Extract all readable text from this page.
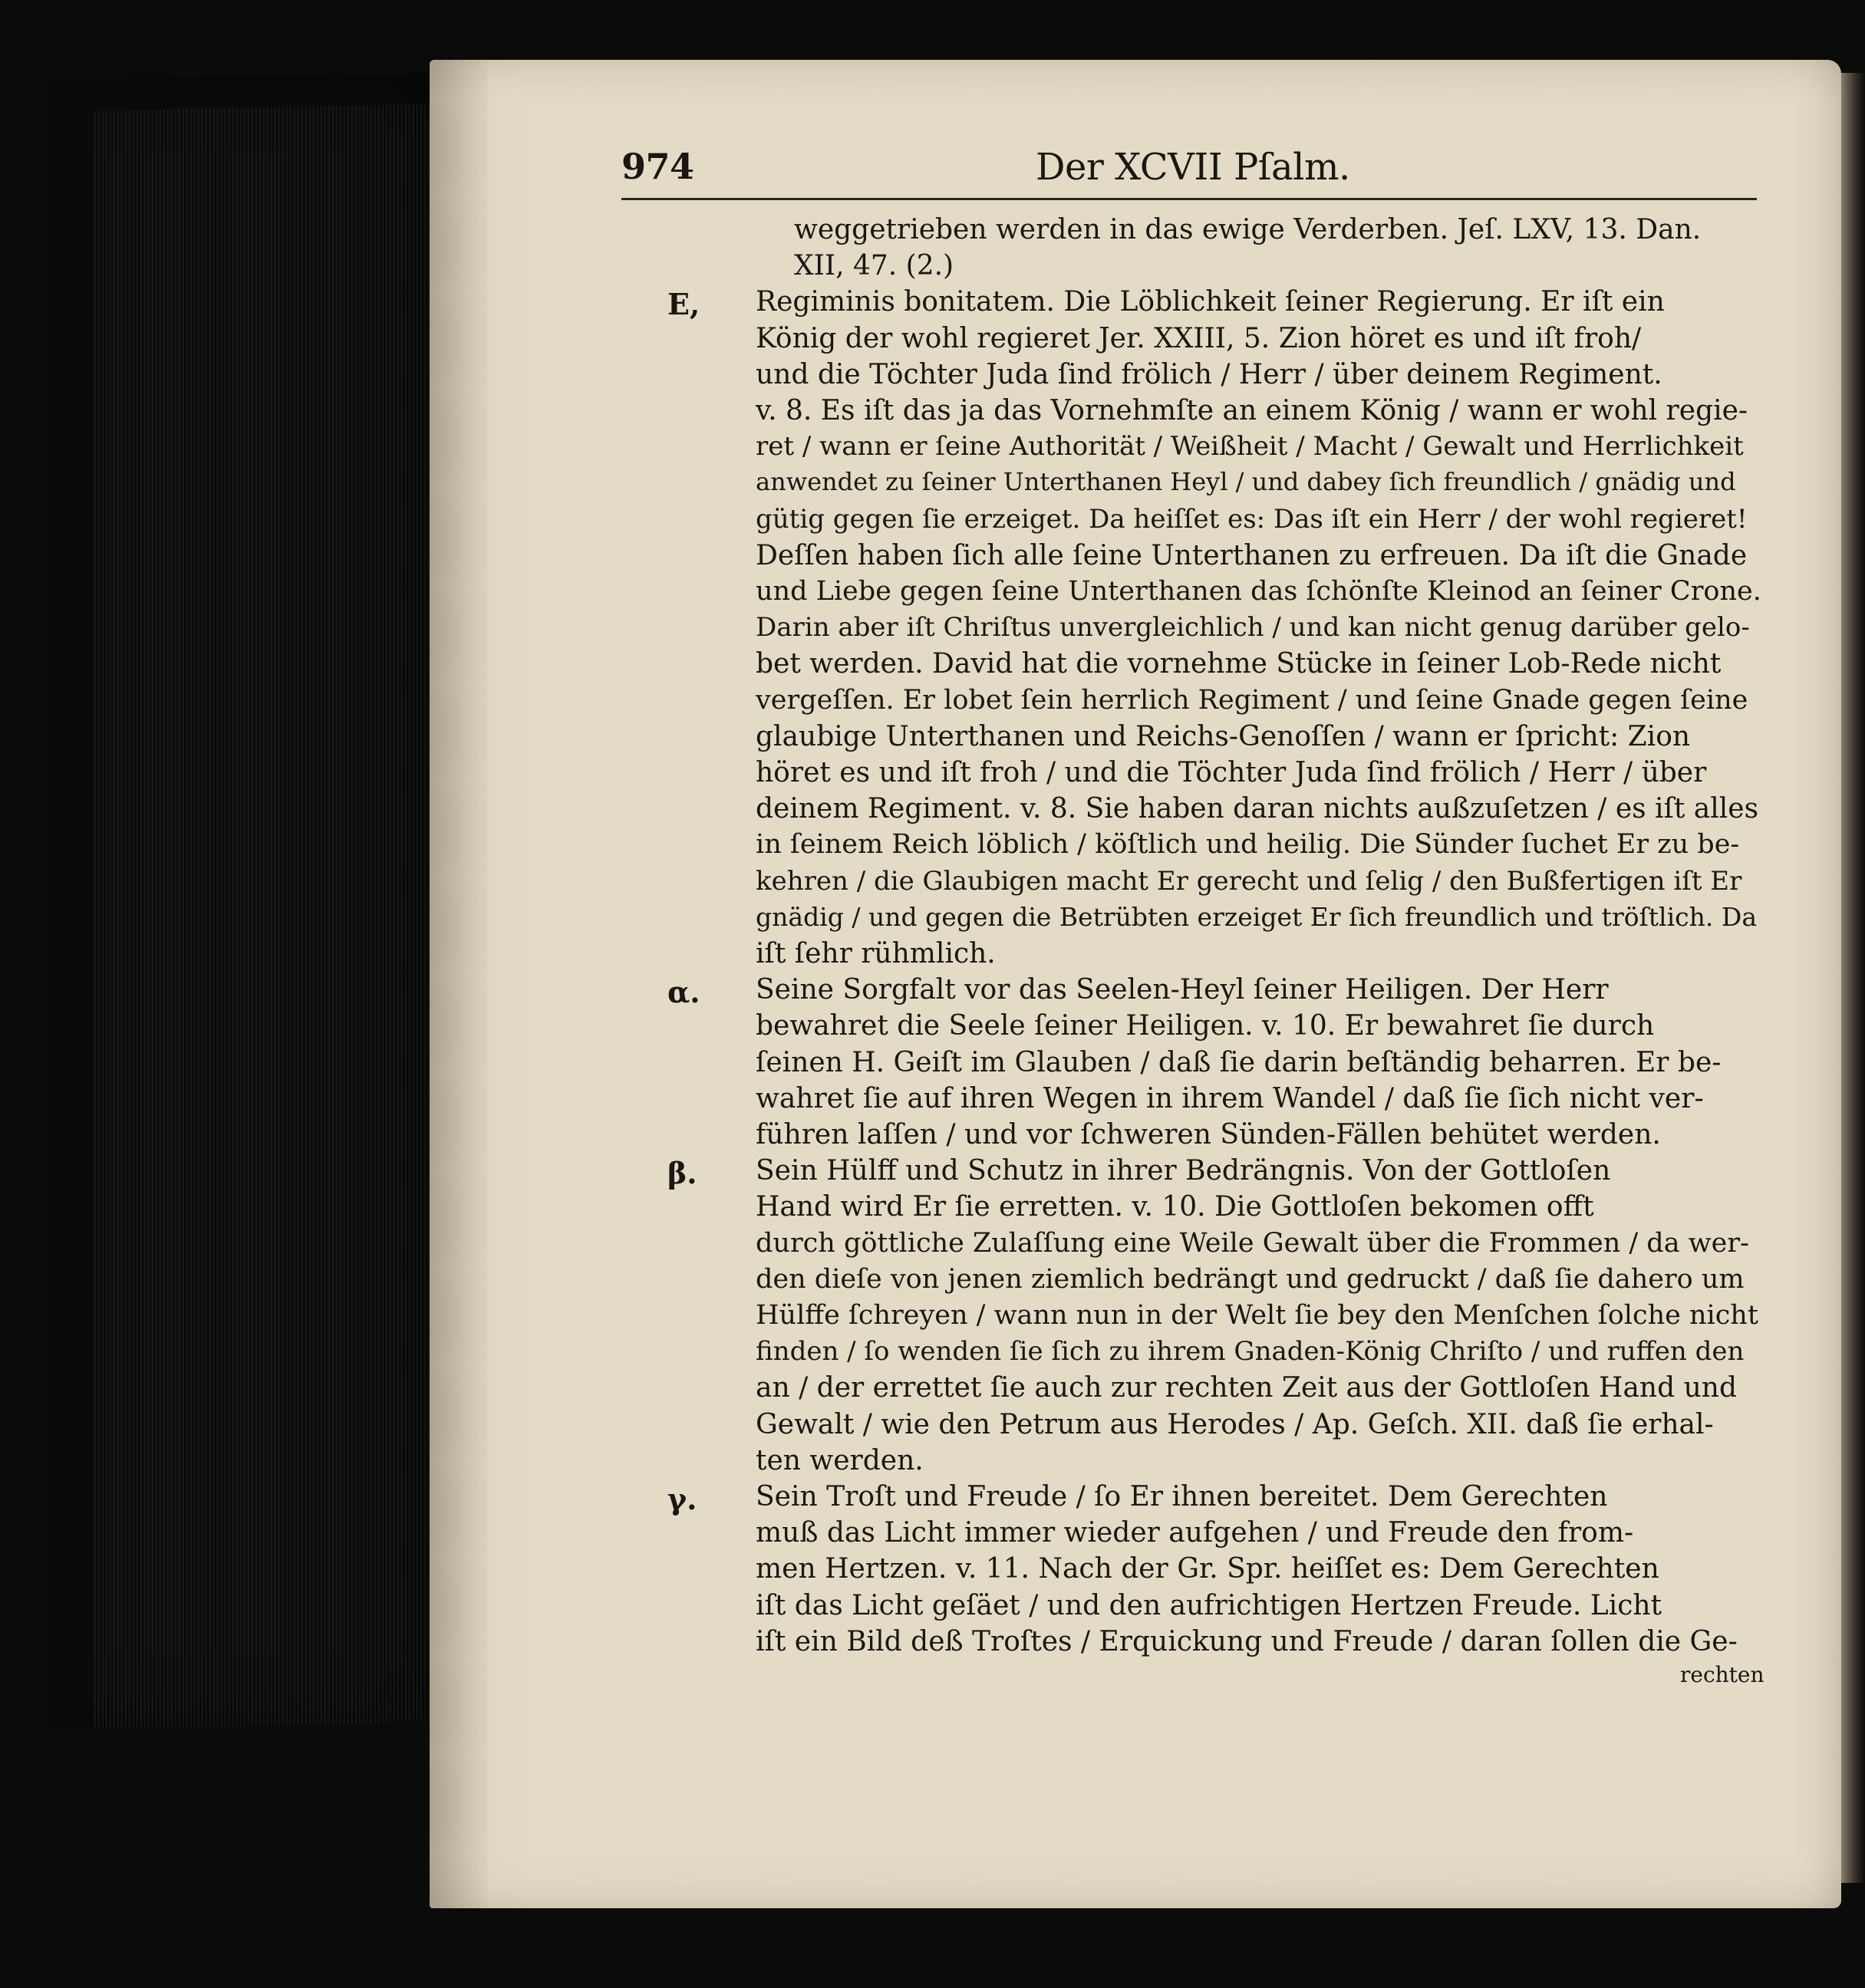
974	Der XCVII Pſalm.
weggetrieben werden in das ewige Verderben. Jeſ. LXV, 13. Dan.
XII, 47. (2.)
E, Regiminis bonitatem. Die Löblichkeit ſeiner Regierung. Er iſt ein
König der wohl regieret Jer. XXIII, 5. Zion höret es und iſt froh/
und die Töchter Juda ſind frölich / Herr / über deinem Regiment.
v. 8. Es iſt das ja das Vornehmſte an einem König / wann er wohl regie-
ret / wann er ſeine Authorität / Weißheit / Macht / Gewalt und Herrlichkeit
anwendet zu ſeiner Unterthanen Heyl / und dabey ſich freundlich / gnädig und
gütig gegen ſie erzeiget. Da heiſſet es: Das iſt ein Herr / der wohl regieret!
Deſſen haben ſich alle ſeine Unterthanen zu erfreuen. Da iſt die Gnade
und Liebe gegen ſeine Unterthanen das ſchönſte Kleinod an ſeiner Crone.
Darin aber iſt Chriſtus unvergleichlich / und kan nicht genug darüber gelo-
bet werden. David hat die vornehme Stücke in ſeiner Lob-Rede nicht
vergeſſen. Er lobet ſein herrlich Regiment / und ſeine Gnade gegen ſeine
glaubige Unterthanen und Reichs-Genoſſen / wann er ſpricht: Zion
höret es und iſt froh / und die Töchter Juda ſind frölich / Herr / über
deinem Regiment. v. 8. Sie haben daran nichts außzuſetzen / es iſt alles
in ſeinem Reich löblich / köſtlich und heilig. Die Sünder ſuchet Er zu be-
kehren / die Glaubigen macht Er gerecht und ſelig / den Bußfertigen iſt Er
gnädig / und gegen die Betrübten erzeiget Er ſich freundlich und tröſtlich. Da
iſt ſehr rühmlich.
α. Seine Sorgfalt vor das Seelen-Heyl ſeiner Heiligen. Der Herr
bewahret die Seele ſeiner Heiligen. v. 10. Er bewahret ſie durch
ſeinen H. Geiſt im Glauben / daß ſie darin beſtändig beharren. Er be-
wahret ſie auf ihren Wegen in ihrem Wandel / daß ſie ſich nicht ver-
führen laſſen / und vor ſchweren Sünden-Fällen behütet werden.
β. Sein Hülff und Schutz in ihrer Bedrängnis. Von der Gottloſen
Hand wird Er ſie erretten. v. 10. Die Gottloſen bekomen offt
durch göttliche Zulaſſung eine Weile Gewalt über die Frommen / da wer-
den dieſe von jenen ziemlich bedrängt und gedruckt / daß ſie dahero um
Hülffe ſchreyen / wann nun in der Welt ſie bey den Menſchen ſolche nicht
finden / ſo wenden ſie ſich zu ihrem Gnaden-König Chriſto / und ruffen den
an / der errettet ſie auch zur rechten Zeit aus der Gottloſen Hand und
Gewalt / wie den Petrum aus Herodes / Ap. Geſch. XII. daß ſie erhal-
ten werden.
γ. Sein Troſt und Freude / ſo Er ihnen bereitet. Dem Gerechten
muß das Licht immer wieder aufgehen / und Freude den from-
men Hertzen. v. 11. Nach der Gr. Spr. heiſſet es: Dem Gerechten
iſt das Licht geſäet / und den aufrichtigen Hertzen Freude. Licht
iſt ein Bild deß Troſtes / Erquickung und Freude / daran ſollen die Ge-
rechten
